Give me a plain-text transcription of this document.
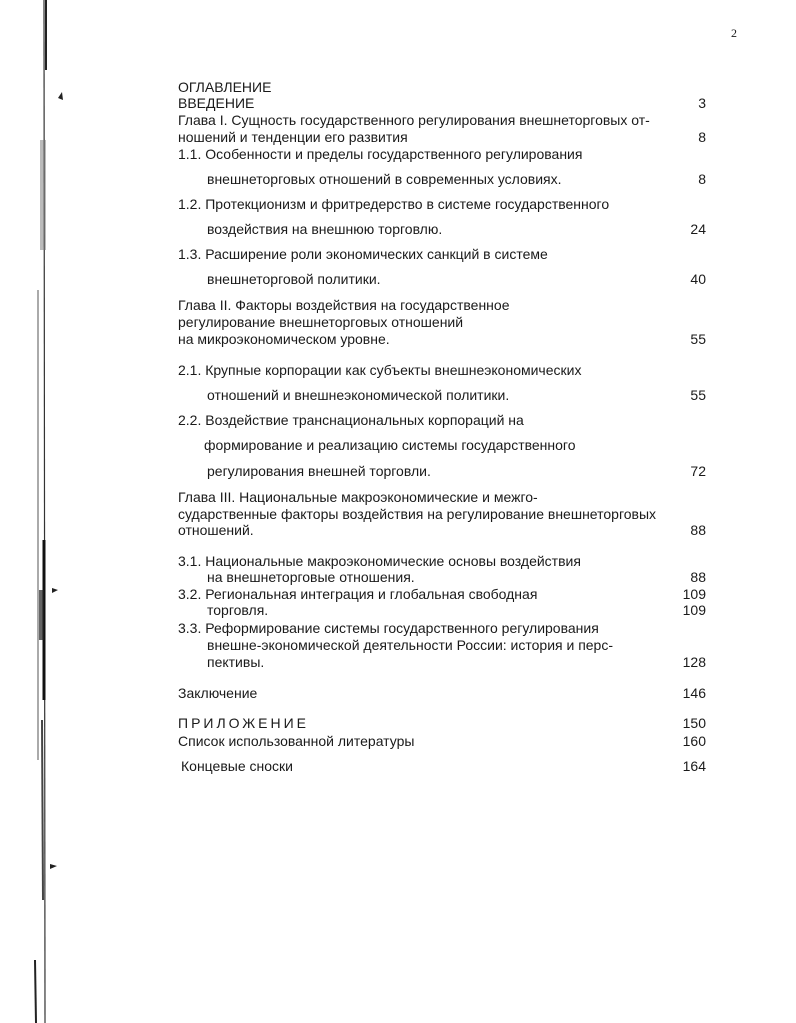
2
ОГЛАВЛЕНИЕ
ВВЕДЕНИЕ	3
Глава I. Сущность государственного регулирования внешнеторговых от-
ношений и тенденции его развития	8
1.1. Особенности и пределы государственного регулирования
внешнеторговых отношений в современных условиях.	8
1.2. Протекционизм и фритредерство в системе государственного
воздействия на внешнюю торговлю.	24
1.3. Расширение роли экономических санкций в системе
внешнеторговой политики.	40
Глава II. Факторы воздействия на государственное
регулирование внешнеторговых отношений
на микроэкономическом уровне.	55
2.1. Крупные корпорации как субъекты внешнеэкономических
отношений и внешнеэкономической политики.	55
2.2. Воздействие транснациональных корпораций на
формирование и реализацию системы государственного
регулирования внешней торговли.	72
Глава III. Национальные макроэкономические и межго-
сударственные факторы воздействия на регулирование внешнеторговых
отношений.	88
3.1. Национальные макроэкономические основы воздействия
на внешнеторговые отношения.	88
3.2. Региональная интеграция и глобальная свободная	109
торговля.	109
3.3. Реформирование системы государственного регулирования
внешне-экономической деятельности России: история и перс-
пективы.	128
Заключение	146
ПРИЛОЖЕНИЕ	150
Список использованной литературы	160
Концевые сноски	164
